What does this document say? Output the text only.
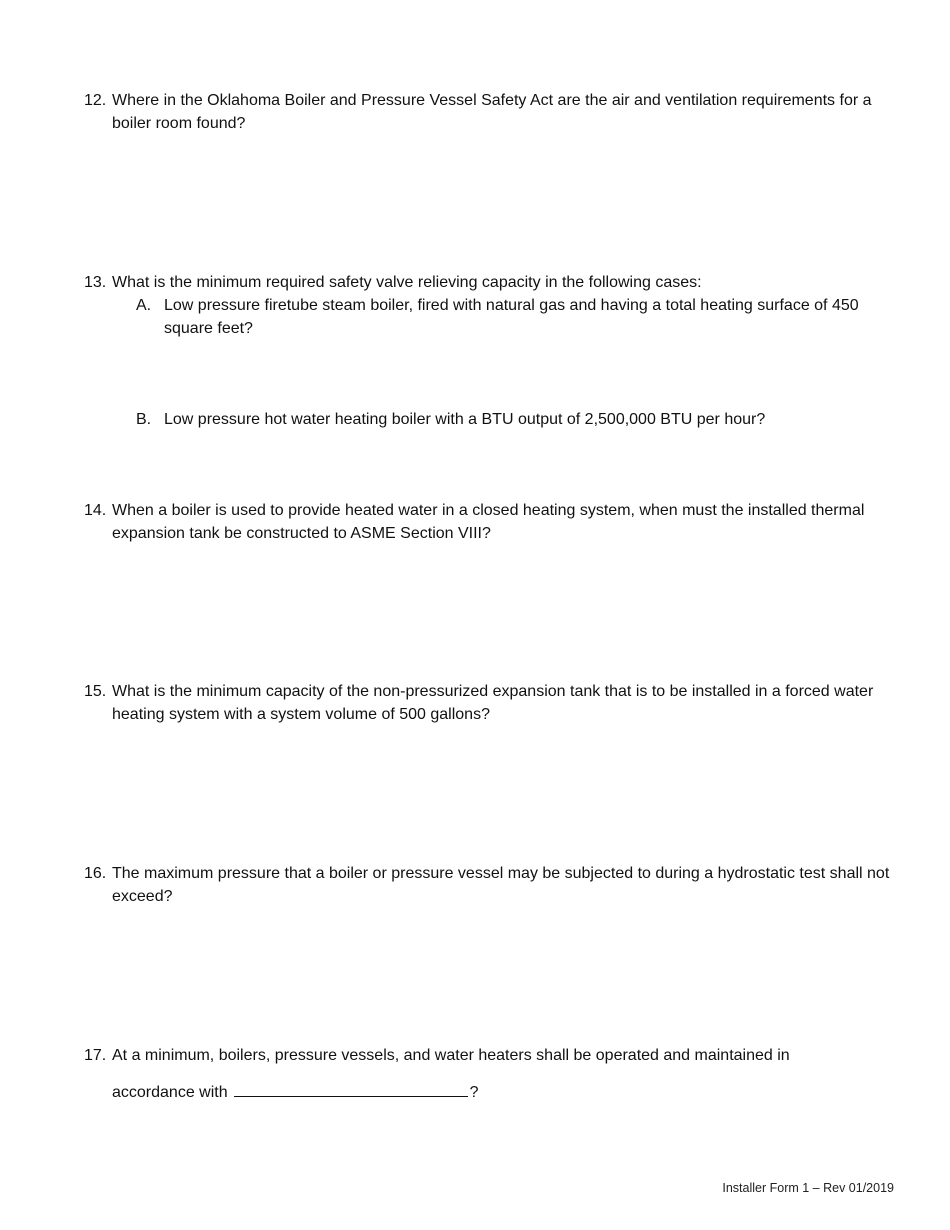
12. Where in the Oklahoma Boiler and Pressure Vessel Safety Act are the air and ventilation requirements for a boiler room found?
13. What is the minimum required safety valve relieving capacity in the following cases:
A. Low pressure firetube steam boiler, fired with natural gas and having a total heating surface of 450 square feet?
B. Low pressure hot water heating boiler with a BTU output of 2,500,000 BTU per hour?
14. When a boiler is used to provide heated water in a closed heating system, when must the installed thermal expansion tank be constructed to ASME Section VIII?
15. What is the minimum capacity of the non-pressurized expansion tank that is to be installed in a forced water heating system with a system volume of 500 gallons?
16. The maximum pressure that a boiler or pressure vessel may be subjected to during a hydrostatic test shall not exceed?
17. At a minimum, boilers, pressure vessels, and water heaters shall be operated and maintained in
accordance with	?
Installer Form 1 – Rev 01/2019
